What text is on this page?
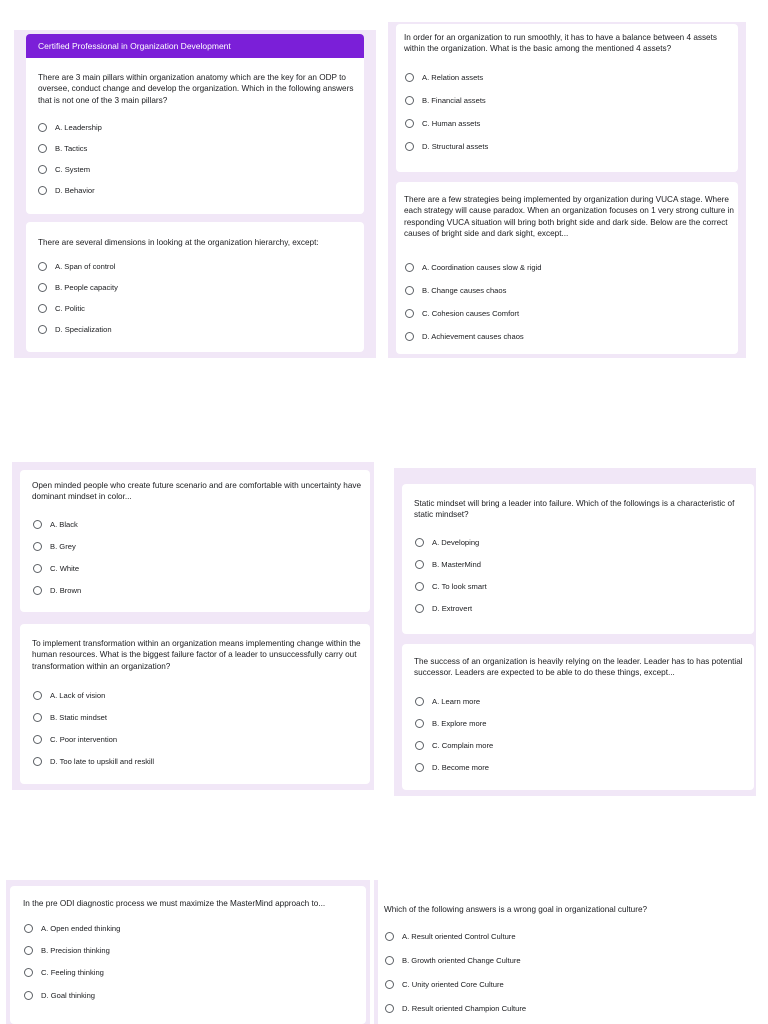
Certified Professional in Organization Development
There are 3 main pillars within organization anatomy which are the key for an ODP to oversee, conduct change and develop the organization. Which in the following answers that is not one of the 3 main pillars?
A. Leadership
B. Tactics
C. System
D. Behavior
There are several dimensions in looking at the organization hierarchy, except:
A. Span of control
B. People capacity
C. Politic
D. Specialization
In order for an organization to run smoothly, it has to have a balance between 4 assets within the organization. What is the basic among the mentioned 4 assets?
A. Relation assets
B. Financial assets
C. Human assets
D. Structural assets
There are a few strategies being implemented by organization during VUCA stage. Where each strategy will cause paradox. When an organization focuses on 1 very strong culture in responding VUCA situation will bring both bright side and dark side. Below are the correct causes of bright side and dark sight, except...
A. Coordination causes slow & rigid
B. Change causes chaos
C. Cohesion causes Comfort
D. Achievement causes chaos
Open minded people who create future scenario and are comfortable with uncertainty have dominant mindset in color...
A. Black
B. Grey
C. White
D. Brown
To implement transformation within an organization means implementing change within the human resources. What is the biggest failure factor of a leader to unsuccessfully carry out transformation within an organization?
A. Lack of vision
B. Static mindset
C. Poor intervention
D. Too late to upskill and reskill
Static mindset will bring a leader into failure. Which of the followings is a characteristic of static mindset?
A. Developing
B. MasterMind
C. To look smart
D. Extrovert
The success of an organization is heavily relying on the leader. Leader has to has potential successor. Leaders are expected to be able to do these things, except...
A. Learn more
B. Explore more
C. Complain more
D. Become more
In the pre ODI diagnostic process we must maximize the MasterMind approach to...
A. Open ended thinking
B. Precision thinking
C. Feeling thinking
D. Goal thinking
Which of the following answers is a wrong goal in organizational culture?
A. Result oriented Control Culture
B. Growth oriented Change Culture
C. Unity oriented Core Culture
D. Result oriented Champion Culture
